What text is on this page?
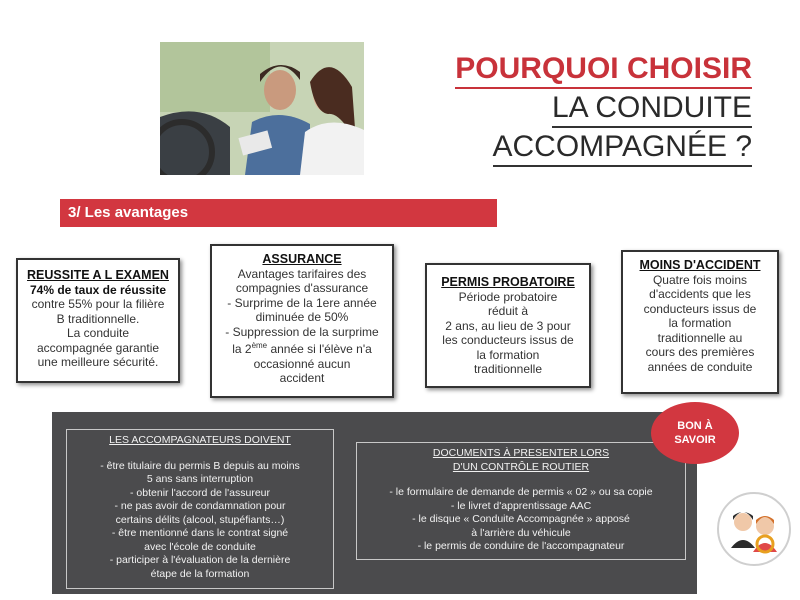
POURQUOI CHOISIR
LA CONDUITE
ACCOMPAGNÉE ?
3/ Les avantages
REUSSITE A L EXAMEN
74% de taux de réussite
contre 55% pour la filière
B traditionnelle.
La conduite
accompagnée garantie
une meilleure sécurité.
ASSURANCE
Avantages tarifaires des
compagnies d'assurance
- Surprime de la 1ere année
diminuée de 50%
- Suppression de la surprime
la 2ème année si l'élève n'a
occasionné aucun
accident
PERMIS PROBATOIRE
Période probatoire
réduit à
2 ans, au lieu de 3 pour
les conducteurs issus de
la formation
traditionnelle
MOINS D'ACCIDENT
Quatre fois moins
d'accidents que les
conducteurs issus de
la formation
traditionnelle au
cours des premières
années de conduite
LES ACCOMPAGNATEURS DOIVENT
- être titulaire du permis B depuis au moins
5 ans sans interruption
- obtenir l'accord de l'assureur
- ne pas avoir de condamnation pour
certains délits (alcool, stupéfiants…)
- être mentionné dans le contrat signé
avec l'école de conduite
- participer à l'évaluation de la dernière
étape de la formation
DOCUMENTS À PRESENTER LORS
D'UN CONTRÔLE ROUTIER
- le formulaire de demande de permis « 02 » ou sa copie
- le livret d'apprentissage AAC
- le disque « Conduite Accompagnée » apposé
à l'arrière du véhicule
- le permis de conduire de l'accompagnateur
BON À
SAVOIR
